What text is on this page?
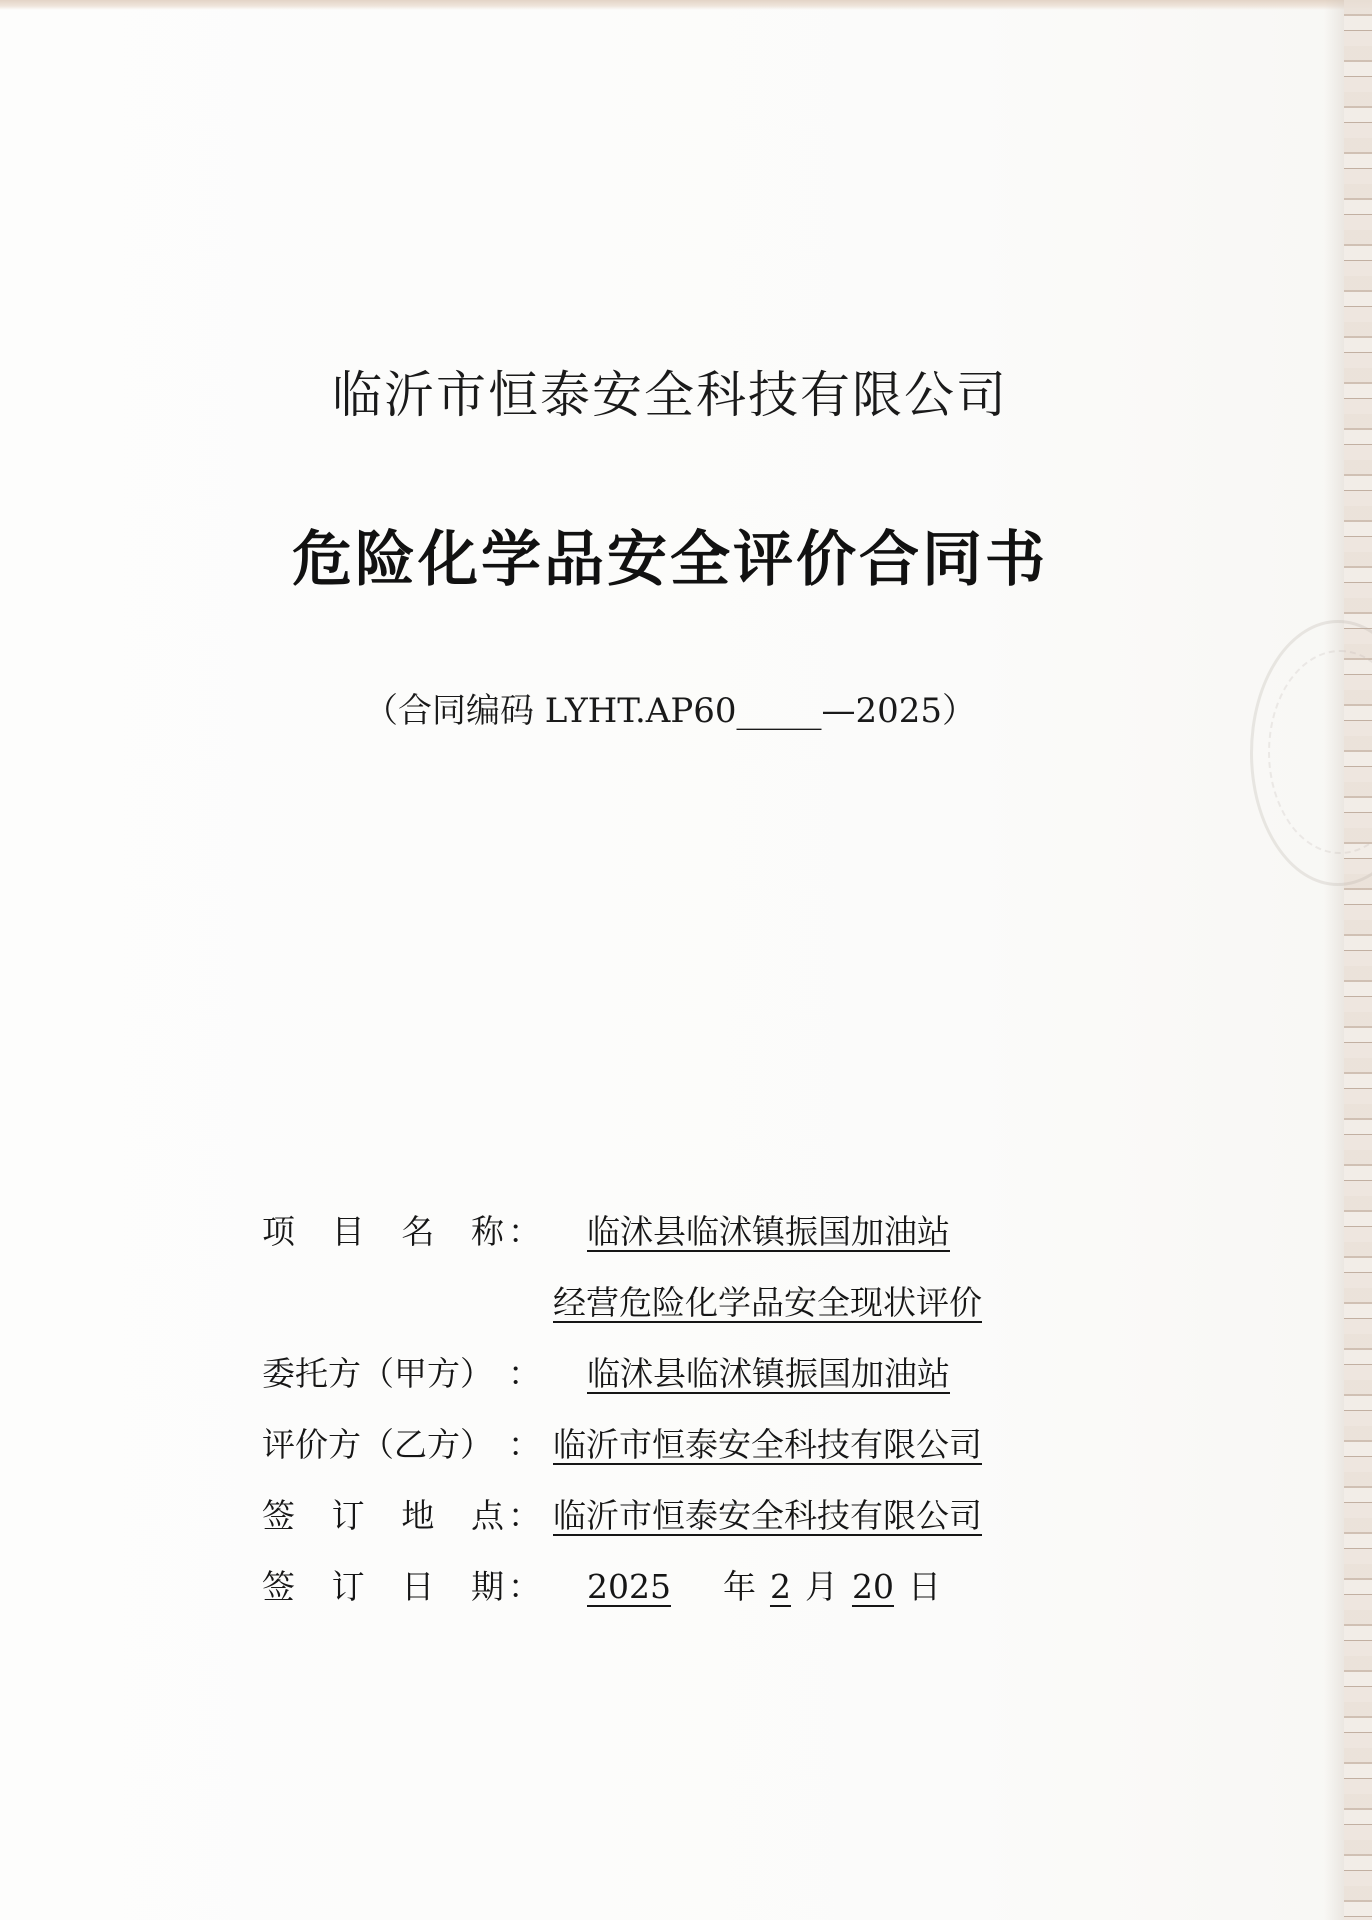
临沂市恒泰安全科技有限公司
危险化学品安全评价合同书
（合同编码 LYHT.AP60_____—2025）
项 目 名 称 ：	临沭县临沭镇振国加油站
经营危险化学品安全现状评价
委托方（甲方） ：	临沭县临沭镇振国加油站
评价方（乙方） ： 临沂市恒泰安全科技有限公司
签 订 地 点 ： 临沂市恒泰安全科技有限公司
签 订 日 期 ：	2025 年 2 月 20 日
